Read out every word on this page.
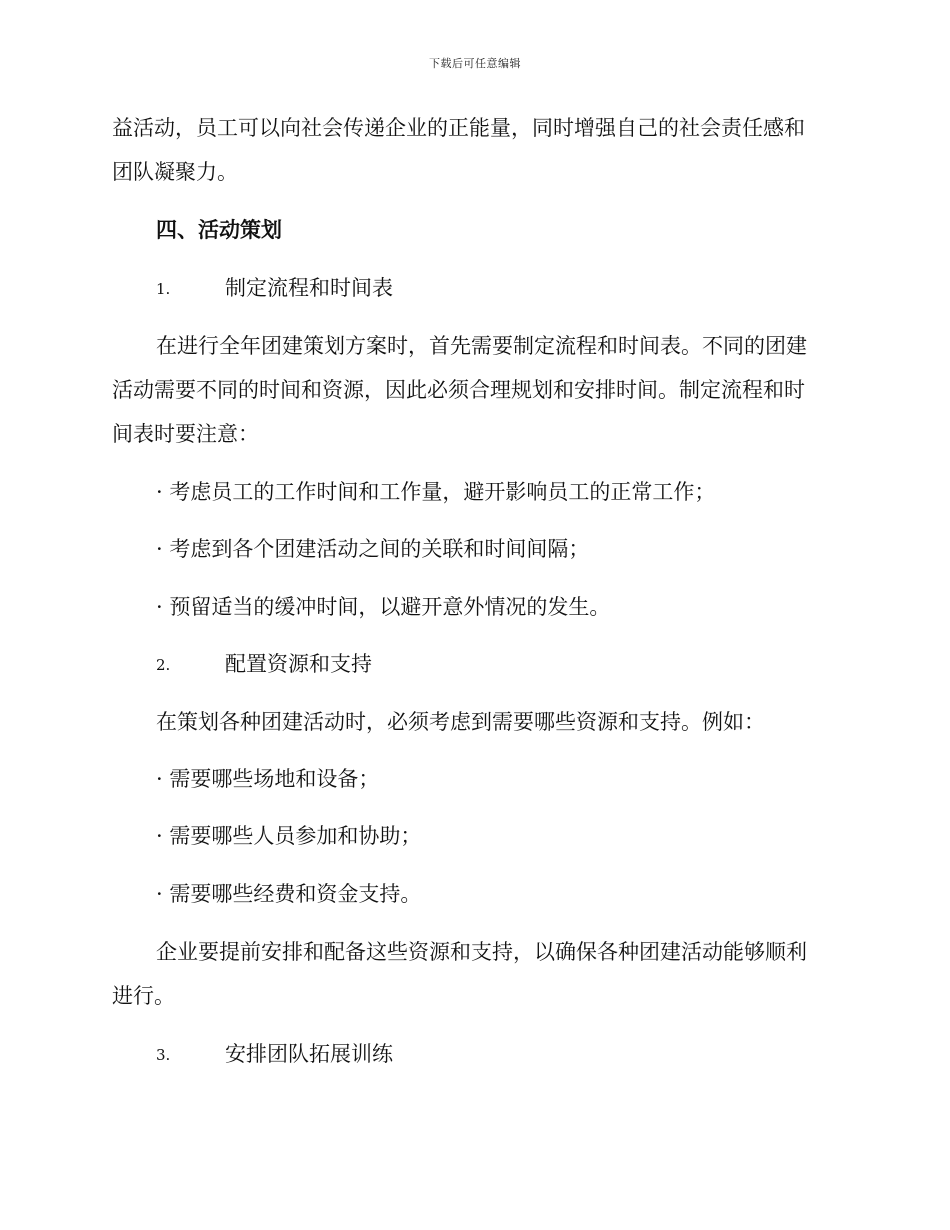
下载后可任意编辑
益活动，员工可以向社会传递企业的正能量，同时增强自己的社会责任感和
团队凝聚力。
四、活动策划
1.	制定流程和时间表
在进行全年团建策划方案时，首先需要制定流程和时间表。不同的团建
活动需要不同的时间和资源，因此必须合理规划和安排时间。制定流程和时
间表时要注意：
· 考虑员工的工作时间和工作量，避开影响员工的正常工作；
· 考虑到各个团建活动之间的关联和时间间隔；
· 预留适当的缓冲时间，以避开意外情况的发生。
2.	配置资源和支持
在策划各种团建活动时，必须考虑到需要哪些资源和支持。例如：
· 需要哪些场地和设备；
· 需要哪些人员参加和协助；
· 需要哪些经费和资金支持。
企业要提前安排和配备这些资源和支持，以确保各种团建活动能够顺利
进行。
3.	安排团队拓展训练
